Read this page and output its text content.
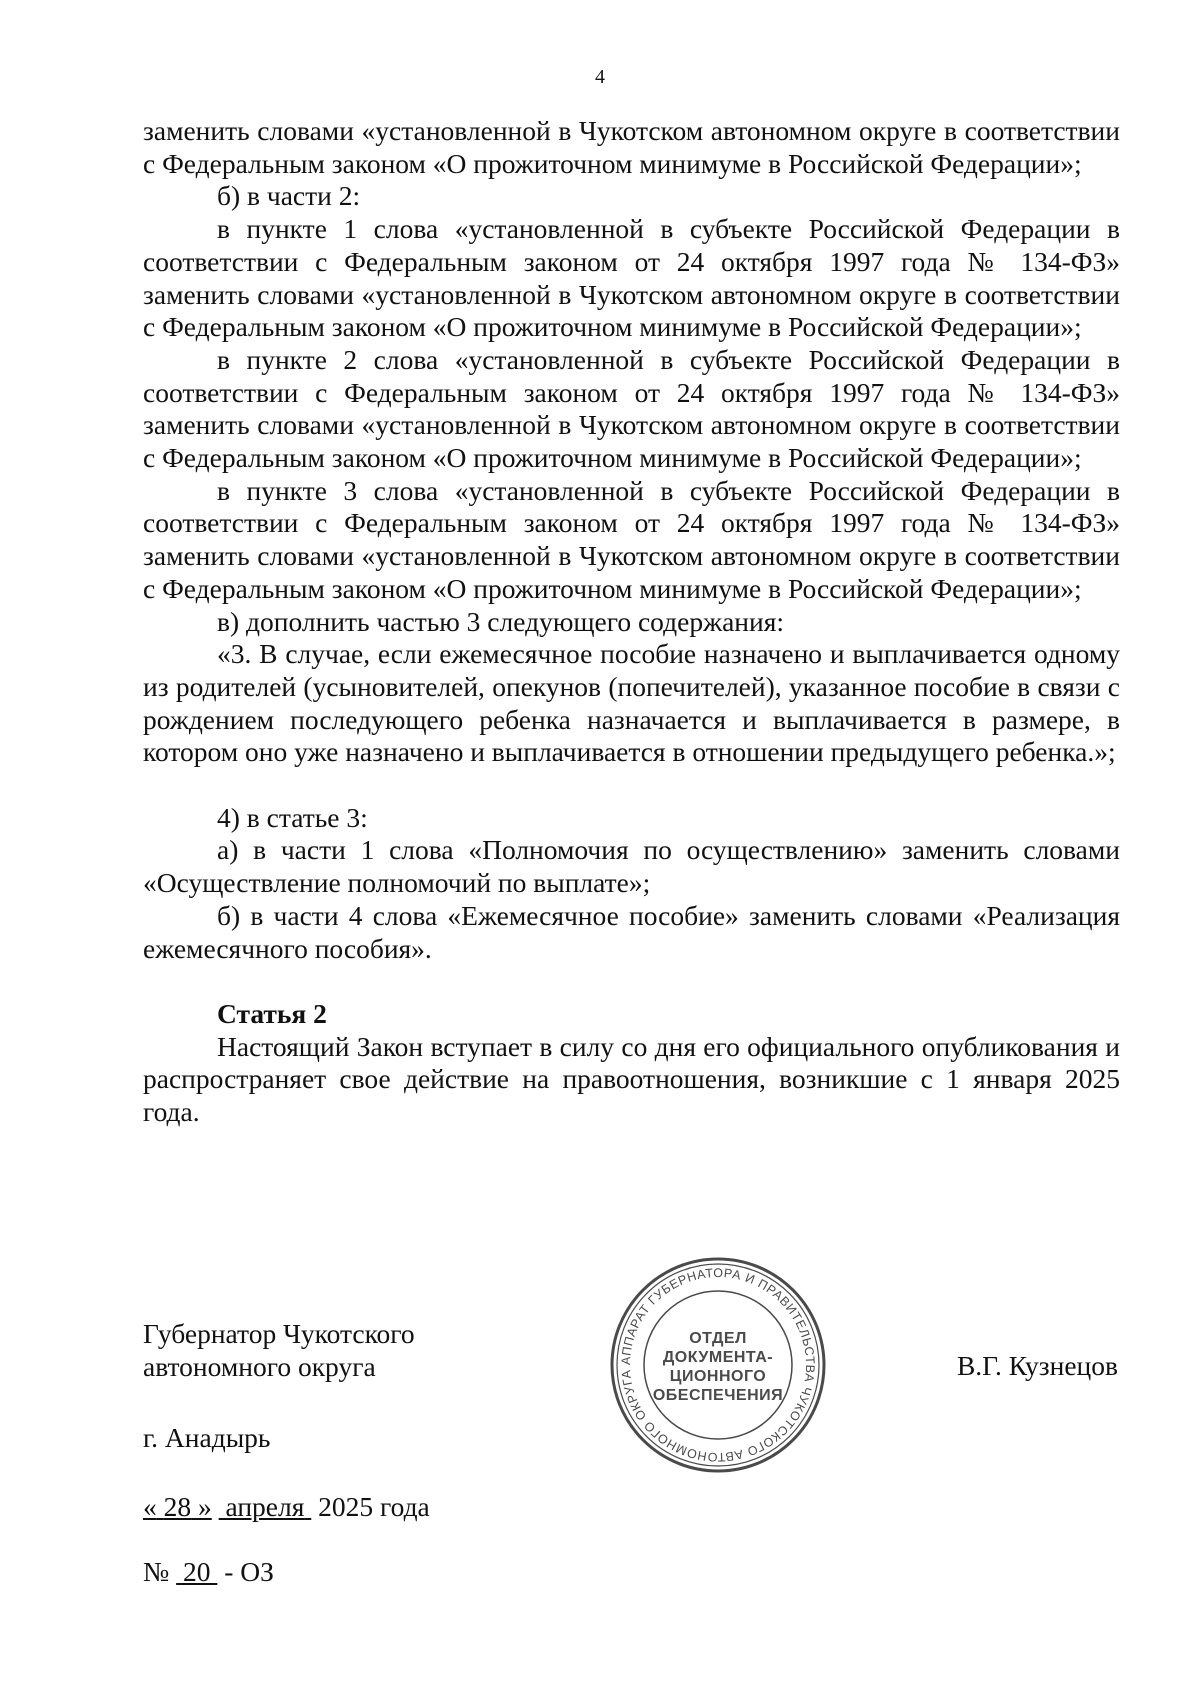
4

заменить словами «установленной в Чукотском автономном округе в соответствии с Федеральным законом «О прожиточном минимуме в Российской Федерации»;

б) в части 2:

в пункте 1 слова «установленной в субъекте Российской Федерации в соответствии с Федеральным законом от 24 октября 1997 года № 134-ФЗ» заменить словами «установленной в Чукотском автономном округе в соответствии с Федеральным законом «О прожиточном минимуме в Российской Федерации»;

в пункте 2 слова «установленной в субъекте Российской Федерации в соответствии с Федеральным законом от 24 октября 1997 года № 134-ФЗ» заменить словами «установленной в Чукотском автономном округе в соответствии с Федеральным законом «О прожиточном минимуме в Российской Федерации»;

в пункте 3 слова «установленной в субъекте Российской Федерации в соответствии с Федеральным законом от 24 октября 1997 года № 134-ФЗ» заменить словами «установленной в Чукотском автономном округе в соответствии с Федеральным законом «О прожиточном минимуме в Российской Федерации»;

в) дополнить частью 3 следующего содержания:

«3. В случае, если ежемесячное пособие назначено и выплачивается одному из родителей (усыновителей, опекунов (попечителей), указанное пособие в связи с рождением последующего ребенка назначается и выплачивается в размере, в котором оно уже назначено и выплачивается в отношении предыдущего ребенка.»;

4) в статье 3:

а) в части 1 слова «Полномочия по осуществлению» заменить словами «Осуществление полномочий по выплате»;

б) в части 4 слова «Ежемесячное пособие» заменить словами «Реализация ежемесячного пособия».

Статья 2

Настоящий Закон вступает в силу со дня его официального опубликования и распространяет свое действие на правоотношения, возникшие с 1 января 2025 года.

АППАРАТ ГУБЕРНАТОРА И ПРАВИТЕЛЬСТВА ЧУКОТСКОГО АВТОНОМНОГО ОКРУГА
ОТДЕЛ
ДОКУМЕНТА-
ЦИОННОГО
ОБЕСПЕЧЕНИЯ
Губернатор Чукотского
автономного округа	В.Г. Кузнецов
г. Анадырь
« 28 » апреля 2025 года
№ 20 - ОЗ
